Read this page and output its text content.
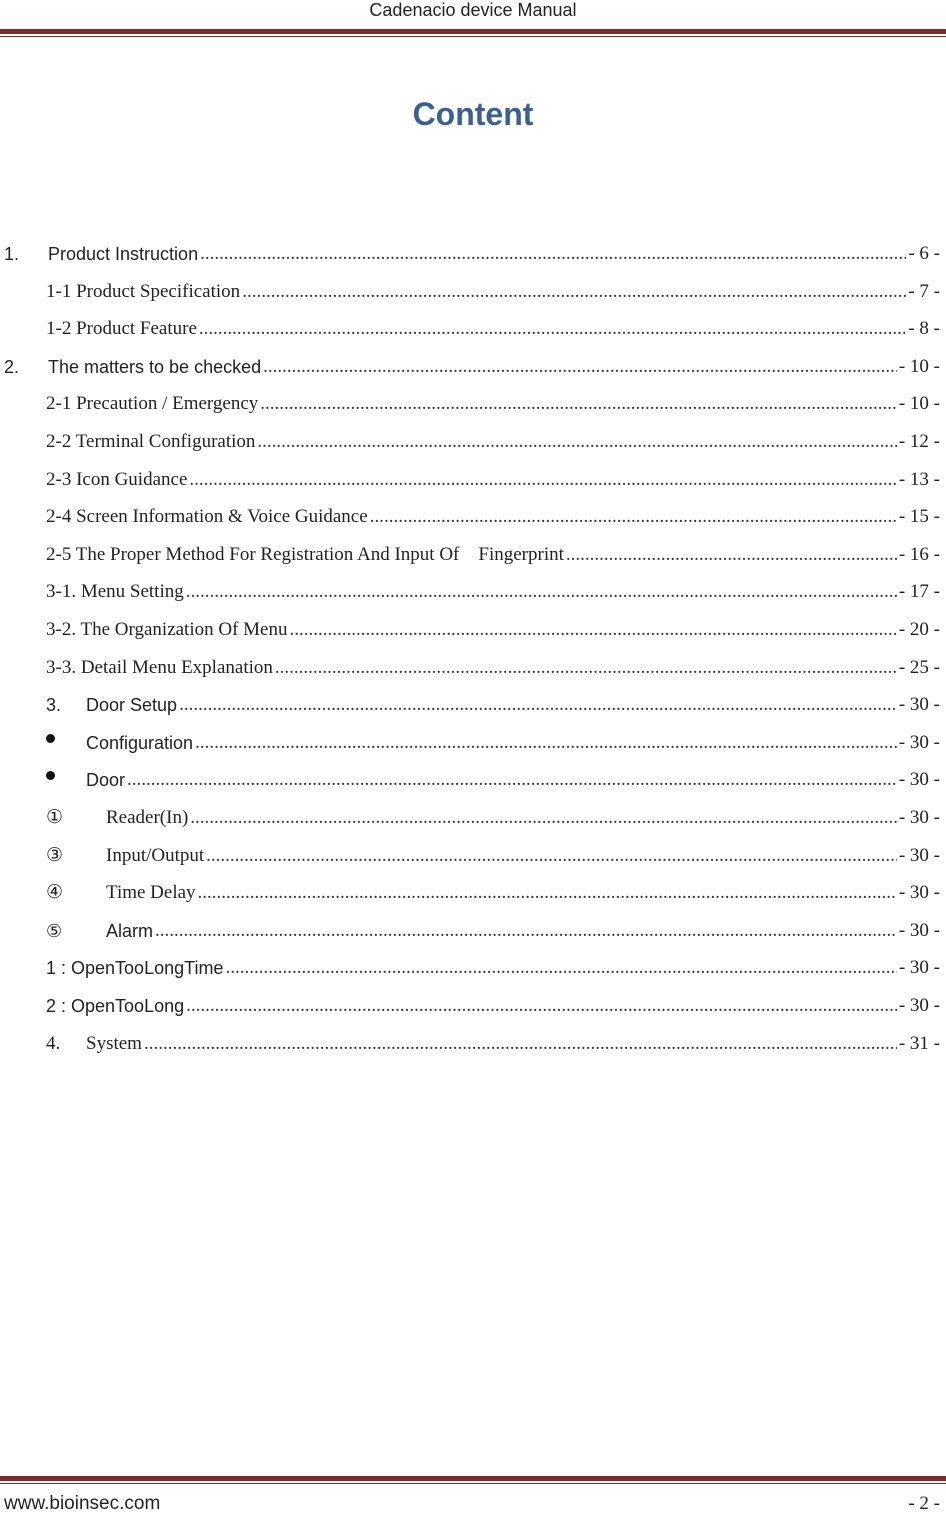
Cadenacio device Manual
Content
1.	Product Instruction .....	- 6 -
1-1 Product Specification .....	- 7 -
1-2 Product Feature .....	- 8 -
2.	The matters to be checked .....	- 10 -
2-1 Precaution / Emergency .....	- 10 -
2-2 Terminal Configuration .....	- 12 -
2-3 Icon Guidance .....	- 13 -
2-4 Screen Information & Voice Guidance .....	- 15 -
2-5 The Proper Method For Registration And Input Of    Fingerprint .....	- 16 -
3-1. Menu Setting .....	- 17 -
3-2. The Organization Of Menu .....	- 20 -
3-3. Detail Menu Explanation .....	- 25 -
3.	Door Setup .....	- 30 -
Configuration .....	- 30 -
Door .....	- 30 -
①	Reader(In) .....	- 30 -
③	Input/Output .....	- 30 -
④	Time Delay .....	- 30 -
⑤	Alarm .....	- 30 -
1 : OpenTooLongTime .....	- 30 -
2 : OpenTooLong .....	- 30 -
4.	System .....	- 31 -
www.bioinsec.com	- 2 -
